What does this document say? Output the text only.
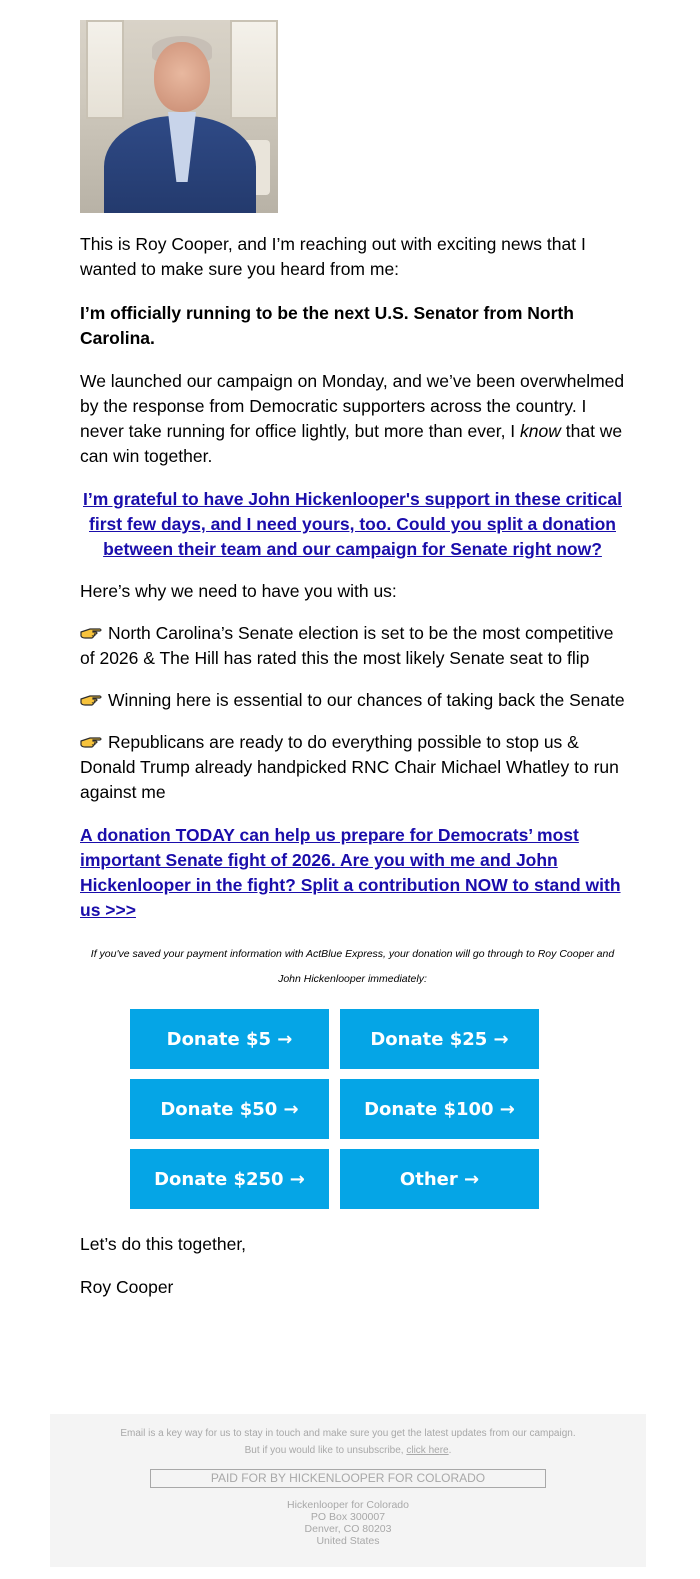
This is Roy Cooper, and I’m reaching out with exciting news that I wanted to make sure you heard from me:

I’m officially running to be the next U.S. Senator from North Carolina.

We launched our campaign on Monday, and we’ve been overwhelmed by the response from Democratic supporters across the country. I never take running for office lightly, but more than ever, I know that we can win together.

I’m grateful to have John Hickenlooper's support in these critical first few days, and I need yours, too. Could you split a donation between their team and our campaign for Senate right now?

Here’s why we need to have you with us:

North Carolina’s Senate election is set to be the most competitive of 2026 & The Hill has rated this the most likely Senate seat to flip

Winning here is essential to our chances of taking back the Senate

Republicans are ready to do everything possible to stop us & Donald Trump already handpicked RNC Chair Michael Whatley to run against me

A donation TODAY can help us prepare for Democrats’ most important Senate fight of 2026. Are you with me and John Hickenlooper in the fight? Split a contribution NOW to stand with us >>>

If you've saved your payment information with ActBlue Express, your donation will go through to Roy Cooper and John Hickenlooper immediately:

Donate $5 →	Donate $25 →
Donate $50 →	Donate $100 →
Donate $250 →	Other →

Let’s do this together,

Roy Cooper

Email is a key way for us to stay in touch and make sure you get the latest updates from our campaign.
But if you would like to unsubscribe, click here.
PAID FOR BY HICKENLOOPER FOR COLORADO
Hickenlooper for Colorado
PO Box 300007
Denver, CO 80203
United States
